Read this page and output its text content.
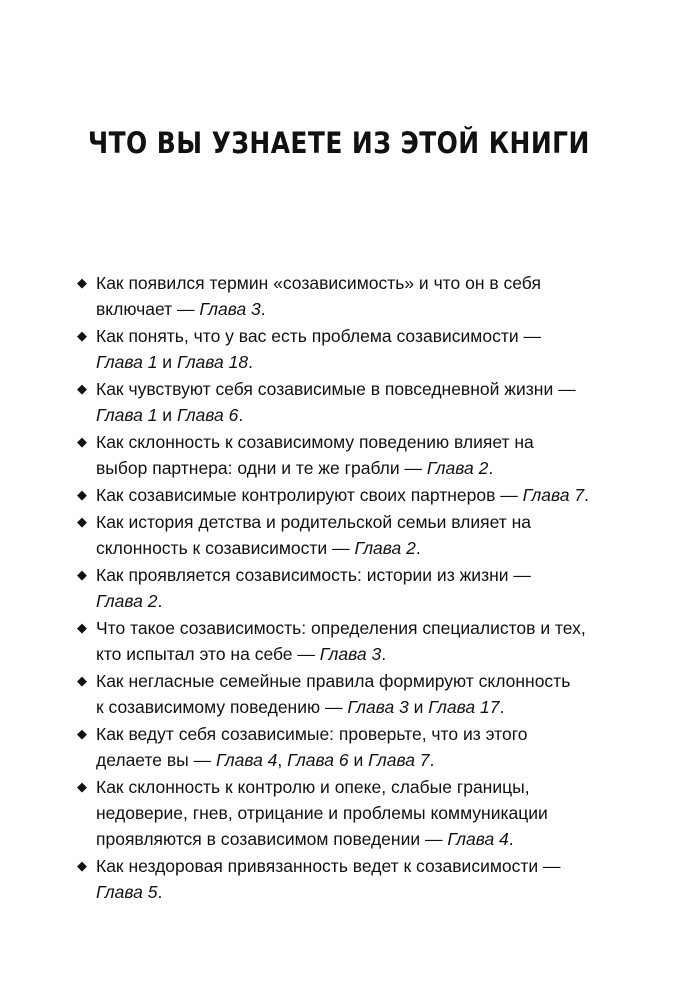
ЧТО ВЫ УЗНАЕТЕ ИЗ ЭТОЙ КНИГИ
◆ Как появился термин «созависимость» и что он в себя
включает — Глава 3.
◆ Как понять, что у вас есть проблема созависимости —
Глава 1 и Глава 18.
◆ Как чувствуют себя созависимые в повседневной жизни —
Глава 1 и Глава 6.
◆ Как склонность к созависимому поведению влияет на
выбор партнера: одни и те же грабли — Глава 2.
◆ Как созависимые контролируют своих партнеров — Глава 7.
◆ Как история детства и родительской семьи влияет на
склонность к созависимости — Глава 2.
◆ Как проявляется созависимость: истории из жизни —
Глава 2.
◆ Что такое созависимость: определения специалистов и тех,
кто испытал это на себе — Глава 3.
◆ Как негласные семейные правила формируют склонность
к созависимому поведению — Глава 3 и Глава 17.
◆ Как ведут себя созависимые: проверьте, что из этого
делаете вы — Глава 4, Глава 6 и Глава 7.
◆ Как склонность к контролю и опеке, слабые границы,
недоверие, гнев, отрицание и проблемы коммуникации
проявляются в созависимом поведении — Глава 4.
◆ Как нездоровая привязанность ведет к созависимости —
Глава 5.
